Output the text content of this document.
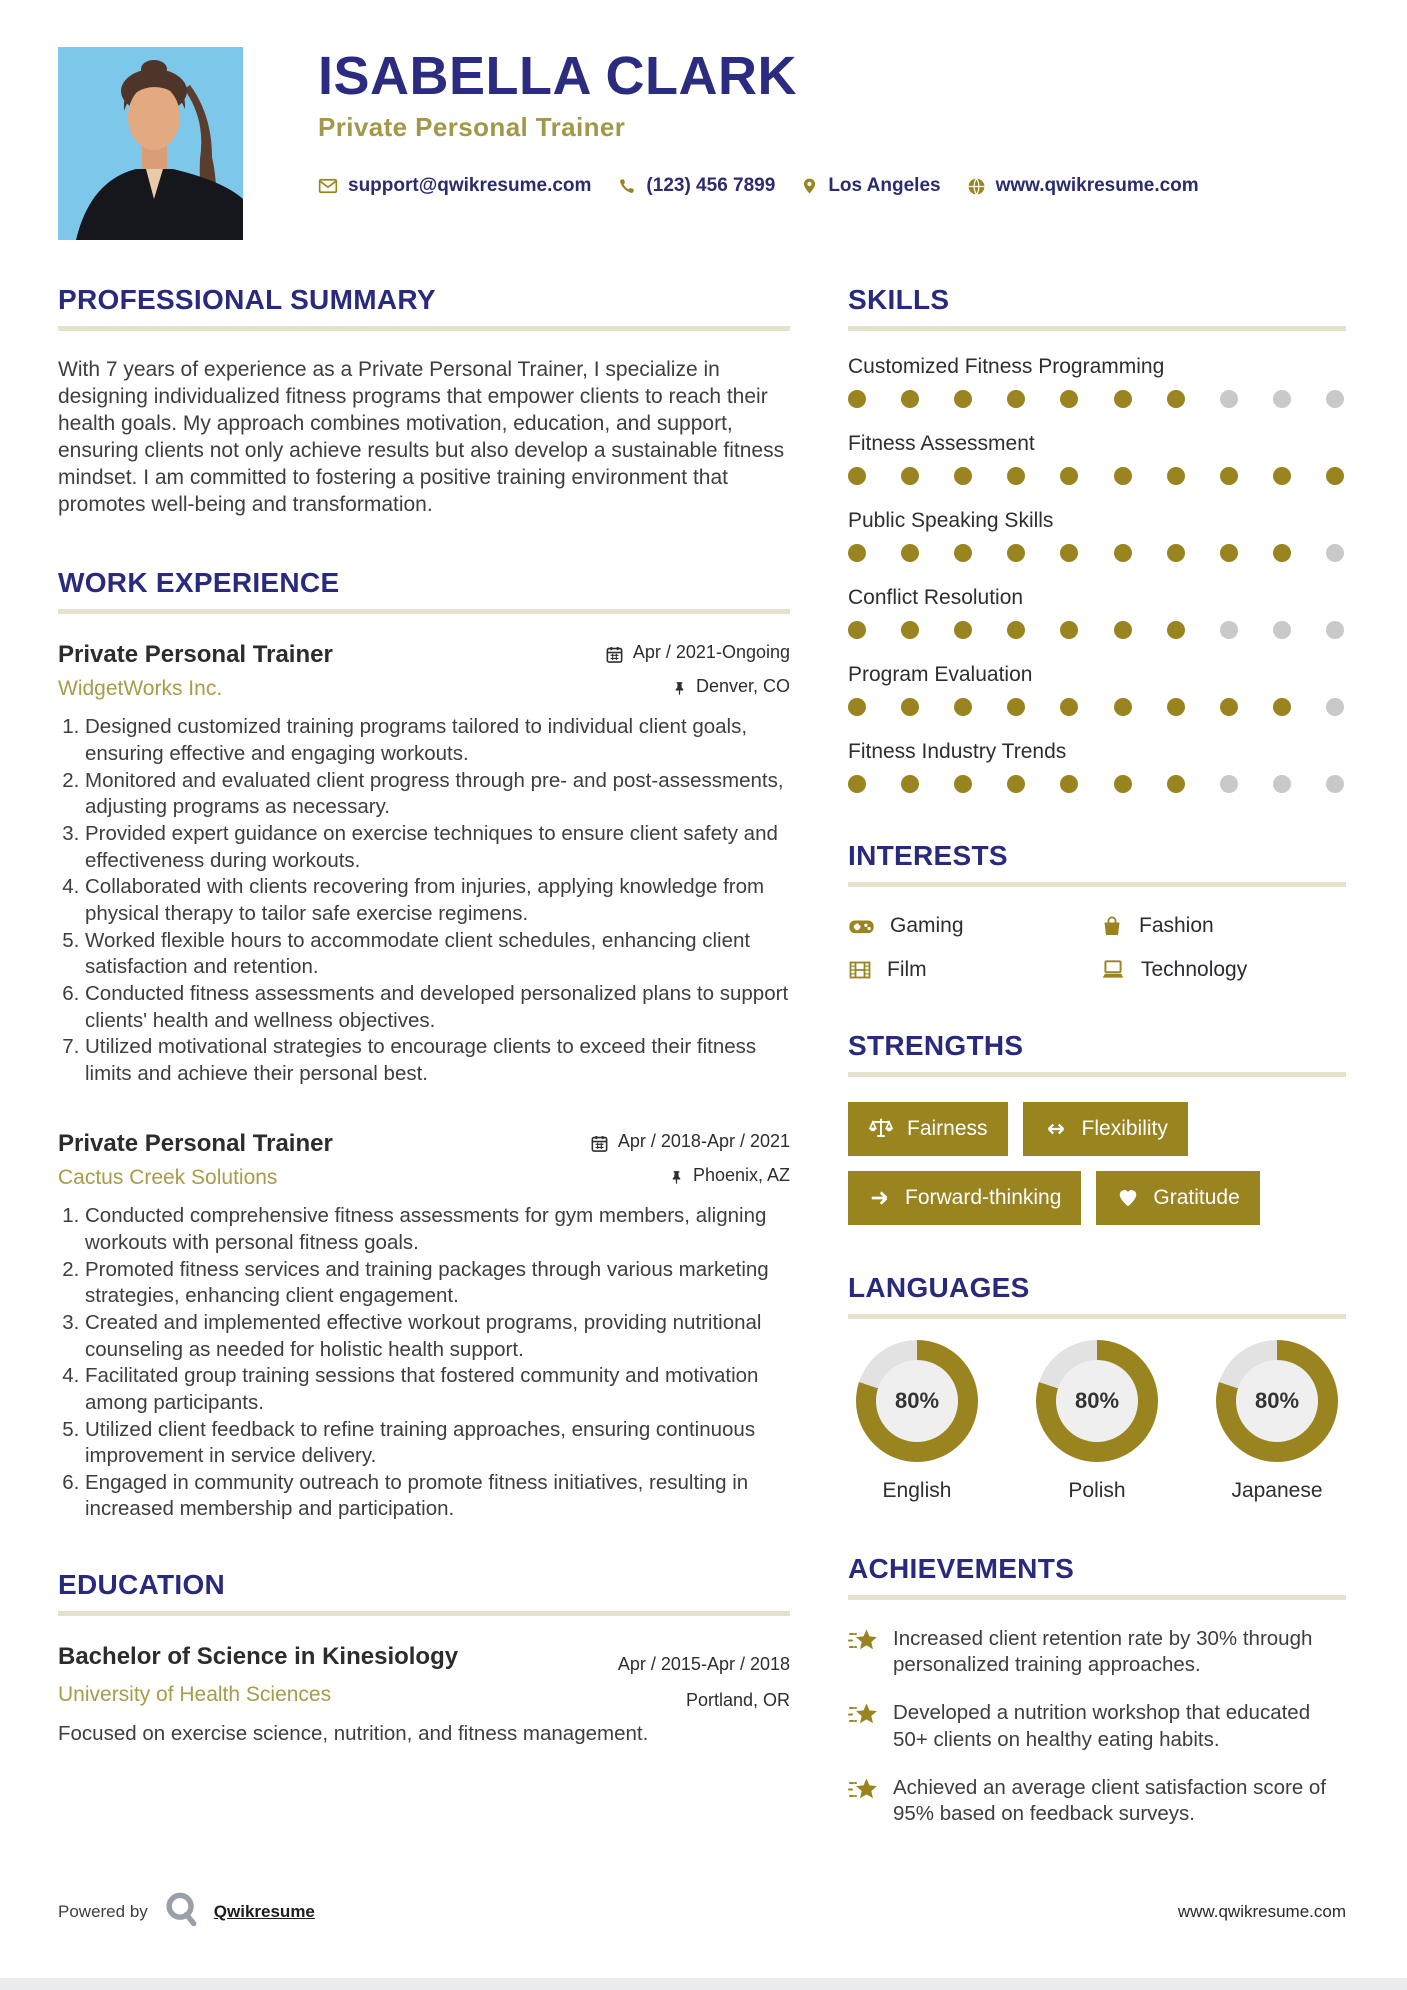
ISABELLA CLARK
Private Personal Trainer
support@qwikresume.com	(123) 456 7899	Los Angeles	www.qwikresume.com
PROFESSIONAL SUMMARY

With 7 years of experience as a Private Personal Trainer, I specialize in designing individualized fitness programs that empower clients to reach their health goals. My approach combines motivation, education, and support, ensuring clients not only achieve results but also develop a sustainable fitness mindset. I am committed to fostering a positive training environment that promotes well-being and transformation.

WORK EXPERIENCE
Private Personal Trainer	Apr / 2021-Ongoing
WidgetWorks Inc.	Denver, CO
1. Designed customized training programs tailored to individual client goals, ensuring effective and engaging workouts.
2. Monitored and evaluated client progress through pre- and post-assessments, adjusting programs as necessary.
3. Provided expert guidance on exercise techniques to ensure client safety and effectiveness during workouts.
4. Collaborated with clients recovering from injuries, applying knowledge from physical therapy to tailor safe exercise regimens.
5. Worked flexible hours to accommodate client schedules, enhancing client satisfaction and retention.
6. Conducted fitness assessments and developed personalized plans to support clients' health and wellness objectives.
7. Utilized motivational strategies to encourage clients to exceed their fitness limits and achieve their personal best.
Private Personal Trainer	Apr / 2018-Apr / 2021
Cactus Creek Solutions	Phoenix, AZ
1. Conducted comprehensive fitness assessments for gym members, aligning workouts with personal fitness goals.
2. Promoted fitness services and training packages through various marketing strategies, enhancing client engagement.
3. Created and implemented effective workout programs, providing nutritional counseling as needed for holistic health support.
4. Facilitated group training sessions that fostered community and motivation among participants.
5. Utilized client feedback to refine training approaches, ensuring continuous improvement in service delivery.
6. Engaged in community outreach to promote fitness initiatives, resulting in increased membership and participation.
EDUCATION
Bachelor of Science in Kinesiology	Apr / 2015-Apr / 2018
University of Health Sciences	Portland, OR

Focused on exercise science, nutrition, and fitness management.

SKILLS
Customized Fitness Programming
Fitness Assessment
Public Speaking Skills
Conflict Resolution
Program Evaluation
Fitness Industry Trends
INTERESTS
Gaming	Fashion
Film	Technology
STRENGTHS
Fairness	Flexibility
Forward-thinking	Gratitude
LANGUAGES
80%
English
80%
Polish
80%
Japanese
ACHIEVEMENTS
Increased client retention rate by 30% through personalized training approaches.
Developed a nutrition workshop that educated 50+ clients on healthy eating habits.
Achieved an average client satisfaction score of 95% based on feedback surveys.
Powered by	Qwikresume	www.qwikresume.com
